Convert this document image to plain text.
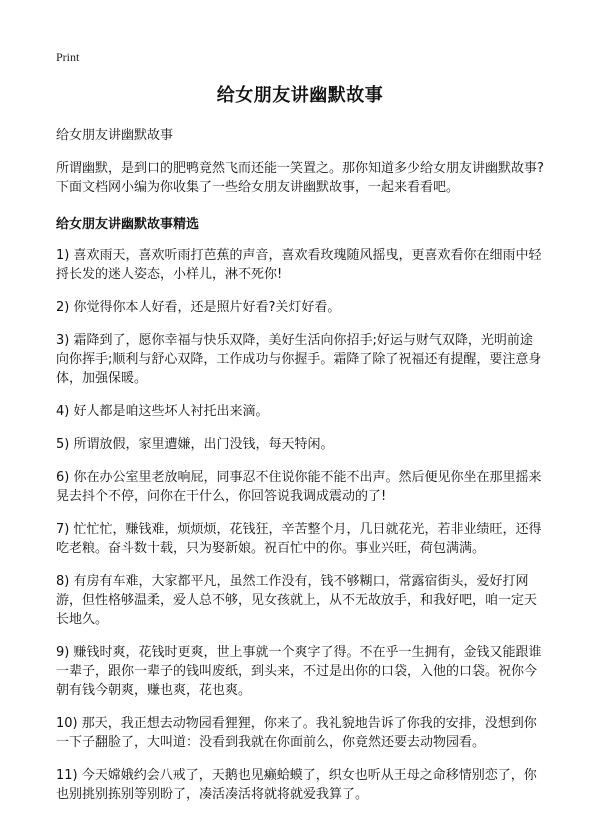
Print
给女朋友讲幽默故事

给女朋友讲幽默故事

所谓幽默，是到口的肥鸭竟然飞而还能一笑置之。那你知道多少给女朋友讲幽默故事?下面文档网小编为你收集了一些给女朋友讲幽默故事，一起来看看吧。

给女朋友讲幽默故事精选

1) 喜欢雨天，喜欢听雨打芭蕉的声音，喜欢看玫瑰随风摇曳，更喜欢看你在细雨中轻捋长发的迷人姿态，小样儿，淋不死你!

2) 你觉得你本人好看，还是照片好看?关灯好看。

3) 霜降到了，愿你幸福与快乐双降，美好生活向你招手;好运与财气双降，光明前途向你挥手;顺利与舒心双降，工作成功与你握手。霜降了除了祝福还有提醒，要注意身体，加强保暖。

4) 好人都是咱这些坏人衬托出来滴。

5) 所谓放假，家里遭嫌，出门没钱，每天特闲。

6) 你在办公室里老放响屁，同事忍不住说你能不能不出声。然后便见你坐在那里摇来晃去抖个不停，问你在干什么，你回答说我调成震动的了!

7) 忙忙忙，赚钱难，烦烦烦，花钱狂，辛苦整个月，几日就花光，若非业绩旺，还得吃老粮。奋斗数十载，只为娶新娘。祝百忙中的你。事业兴旺，荷包满满。

8) 有房有车难，大家都平凡，虽然工作没有，钱不够糊口，常露宿街头，爱好打网游，但性格够温柔，爱人总不够，见女孩就上，从不无故放手，和我好吧，咱一定天长地久。

9) 赚钱时爽，花钱时更爽，世上事就一个爽字了得。不在乎一生拥有，金钱又能跟谁一辈子，跟你一辈子的钱叫废纸，到头来，不过是出你的口袋，入他的口袋。祝你今朝有钱今朝爽，赚也爽，花也爽。

10) 那天，我正想去动物园看狸狸，你来了。我礼貌地告诉了你我的安排，没想到你一下子翻脸了，大叫道：没看到我就在你面前么，你竟然还要去动物园看。

11) 今天嫦娥约会八戒了，天鹅也见癞蛤蟆了，织女也听从王母之命移情别恋了，你也别挑别拣别等别盼了，凑活凑活将就将就爱我算了。
